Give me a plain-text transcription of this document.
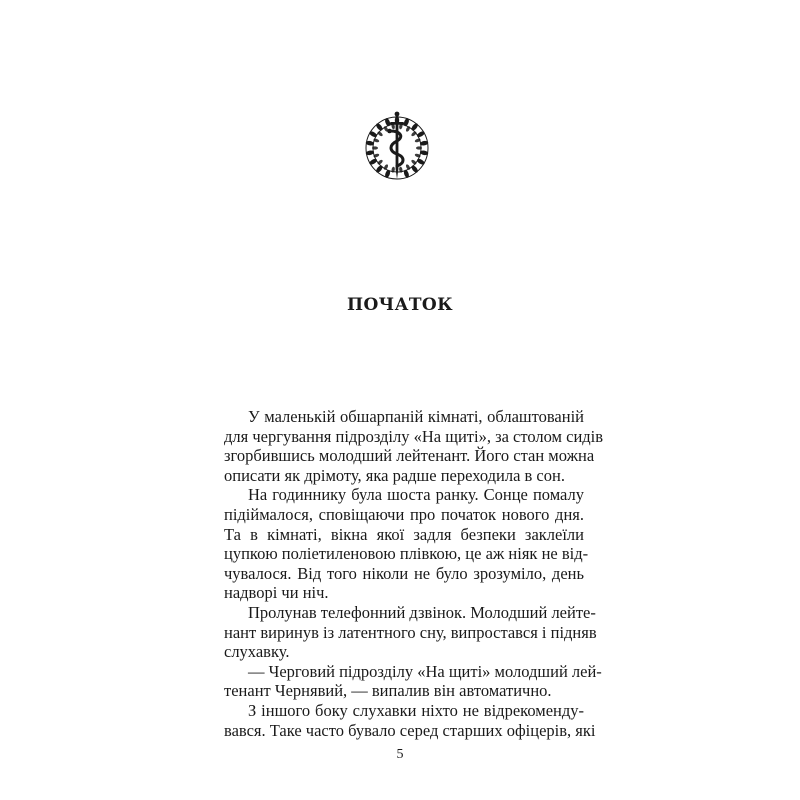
ПОЧАТОК
У маленькій обшарпаній кімнаті, облаштованій
для чергування підрозділу «На щиті», за столом сидів
згорбившись молодший лейтенант. Його стан можна
описати як дрімоту, яка радше переходила в сон.
На годиннику була шоста ранку. Сонце помалу
підіймалося, сповіщаючи про початок нового дня.
Та в кімнаті, вікна якої задля безпеки заклеїли
цупкою поліетиленовою плівкою, це аж ніяк не від-
чувалося. Від того ніколи не було зрозуміло, день
надворі чи ніч.
Пролунав телефонний дзвінок. Молодший лейте-
нант виринув із латентного сну, випростався і підняв
слухавку.
— Черговий підрозділу «На щиті» молодший лей-
тенант Чернявий, — випалив він автоматично.
З іншого боку слухавки ніхто не відрекоменду-
вався. Таке часто бувало серед старших офіцерів, які
5
